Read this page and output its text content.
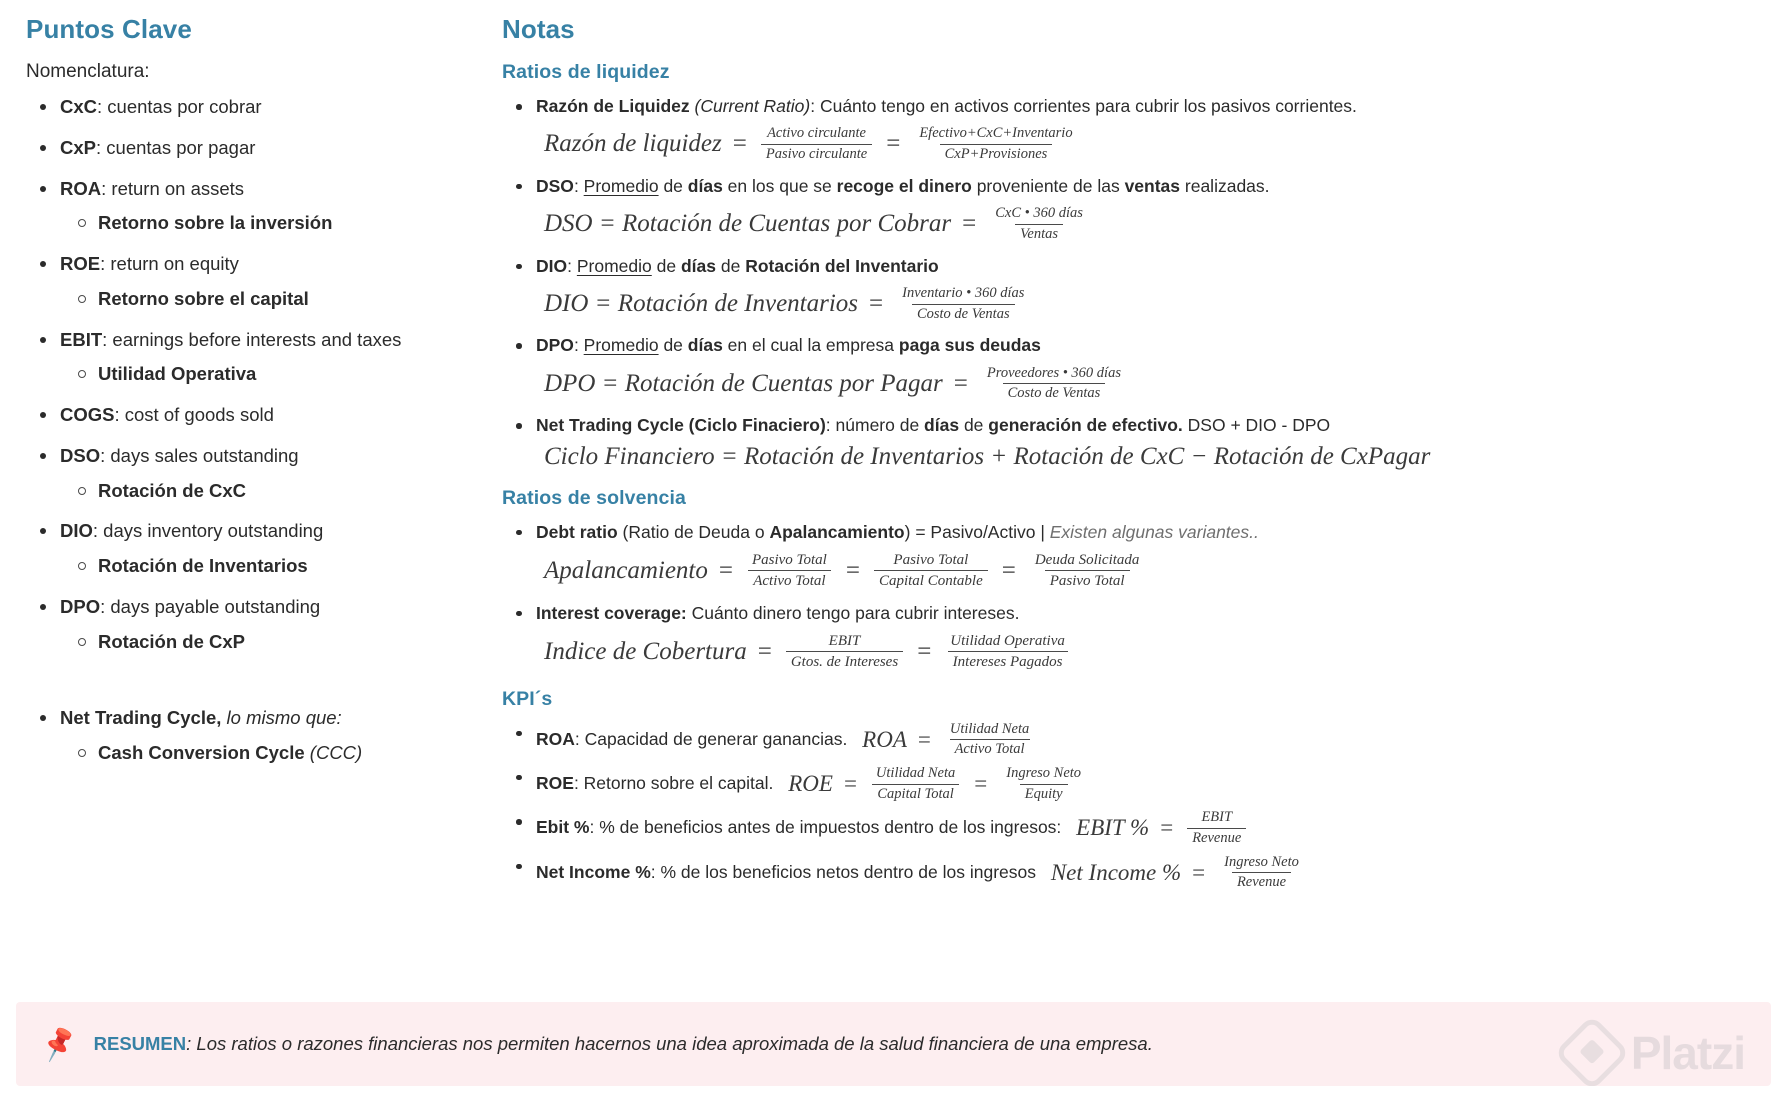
Puntos Clave

Nomenclatura:

CxC: cuentas por cobrar
CxP: cuentas por pagar
ROA: return on assets
Retorno sobre la inversión
ROE: return on equity
Retorno sobre el capital
EBIT: earnings before interests and taxes
Utilidad Operativa
COGS: cost of goods sold
DSO: days sales outstanding
Rotación de CxC
DIO: days inventory outstanding
Rotación de Inventarios
DPO: days payable outstanding
Rotación de CxP
Net Trading Cycle, lo mismo que:
Cash Conversion Cycle (CCC)
Notas
Ratios de liquidez
Razón de Liquidez (Current Ratio): Cuánto tengo en activos corrientes para cubrir los pasivos corrientes.
Razón de liquidez = $\frac{\text{Activo circulante}}{\text{Pasivo circulante}} = \frac{\text{Efectivo+CxC+Inventario}}{\text{CxP+Provisiones}}$
DSO: Promedio de días en los que se recoge el dinero proveniente de las ventas realizadas.
DSO = Rotación de Cuentas por Cobrar = $\frac{\text{CxC • 360 días}}{\text{Ventas}}$
DIO: Promedio de días de Rotación del Inventario
DIO = Rotación de Inventarios = $\frac{\text{Inventario • 360 días}}{\text{Costo de Ventas}}$
DPO: Promedio de días en el cual la empresa paga sus deudas
DPO = Rotación de Cuentas por Pagar = $\frac{\text{Proveedores • 360 días}}{\text{Costo de Ventas}}$
Net Trading Cycle (Ciclo Finaciero): número de días de generación de efectivo. DSO + DIO - DPO
Ciclo Financiero = Rotación de Inventarios + Rotación de CxC − Rotación de CxPagar
Ratios de solvencia
Debt ratio (Ratio de Deuda o Apalancamiento) = Pasivo/Activo | Existen algunas variantes..
Apalancamiento = $\frac{\text{Pasivo Total}}{\text{Activo Total}} = \frac{\text{Pasivo Total}}{\text{Capital Contable}} = \frac{\text{Deuda Solicitada}}{\text{Pasivo Total}}$
Interest coverage: Cuánto dinero tengo para cubrir intereses.
Indice de Cobertura = $\frac{\text{EBIT}}{\text{Gtos. de Intereses}} = \frac{\text{Utilidad Operativa}}{\text{Intereses Pagados}}$
KPI´s
ROA: Capacidad de generar ganancias. ROA = $\frac{\text{Utilidad Neta}}{\text{Activo Total}}$
ROE: Retorno sobre el capital. ROE = $\frac{\text{Utilidad Neta}}{\text{Capital Total}} = \frac{\text{Ingreso Neto}}{\text{Equity}}$
Ebit %: % de beneficios antes de impuestos dentro de los ingresos: EBIT % = $\frac{\text{EBIT}}{\text{Revenue}}$
Net Income %: % de los beneficios netos dentro de los ingresos Net Income % = $\frac{\text{Ingreso Neto}}{\text{Revenue}}$
📌 RESUMEN: Los ratios o razones financieras nos permiten hacernos una idea aproximada de la salud financiera de una empresa.	Platzi
